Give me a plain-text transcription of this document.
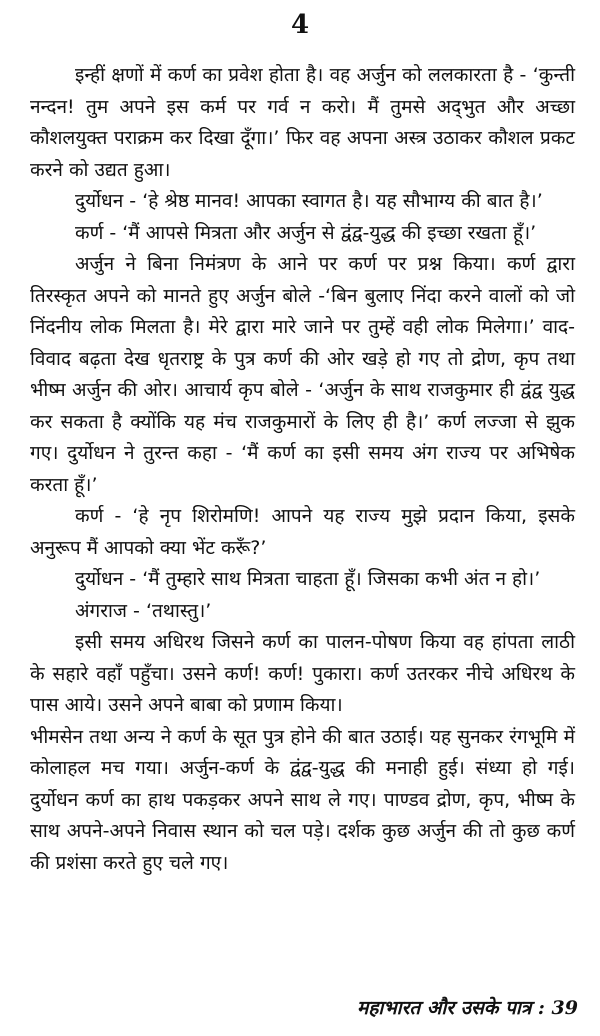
4

इन्हीं क्षणों में कर्ण का प्रवेश होता है। वह अर्जुन को ललकारता है - ‘कुन्ती नन्दन! तुम अपने इस कर्म पर गर्व न करो। मैं तुमसे अद्‌भुत और अच्छा कौशलयुक्त पराक्रम कर दिखा दूँगा।’ फिर वह अपना अस्त्र उठाकर कौशल प्रकट करने को उद्यत हुआ।

दुर्योधन - ‘हे श्रेष्ठ मानव! आपका स्वागत है। यह सौभाग्य की बात है।’

कर्ण - ‘मैं आपसे मित्रता और अर्जुन से द्वंद्व-युद्ध की इच्छा रखता हूँ।’

अर्जुन ने बिना निमंत्रण के आने पर कर्ण पर प्रश्न किया। कर्ण द्वारा तिरस्कृत अपने को मानते हुए अर्जुन बोले -‘बिन बुलाए निंदा करने वालों को जो निंदनीय लोक मिलता है। मेरे द्वारा मारे जाने पर तुम्हें वही लोक मिलेगा।’ वाद-विवाद बढ़ता देख धृतराष्ट्र के पुत्र कर्ण की ओर खड़े हो गए तो द्रोण, कृप तथा भीष्म अर्जुन की ओर। आचार्य कृप बोले - ‘अर्जुन के साथ राजकुमार ही द्वंद्व युद्ध कर सकता है क्योंकि यह मंच राजकुमारों के लिए ही है।’ कर्ण लज्जा से झुक गए। दुर्योधन ने तुरन्त कहा - ‘मैं कर्ण का इसी समय अंग राज्य पर अभिषेक करता हूँ।’

कर्ण - ‘हे नृप शिरोमणि! आपने यह राज्य मुझे प्रदान किया, इसके अनुरूप मैं आपको क्या भेंट करूँ?’

दुर्योधन - ‘मैं तुम्हारे साथ मित्रता चाहता हूँ। जिसका कभी अंत न हो।’

अंगराज - ‘तथास्तु।’

इसी समय अधिरथ जिसने कर्ण का पालन-पोषण किया वह हांपता लाठी के सहारे वहाँ पहुँचा। उसने कर्ण! कर्ण! पुकारा। कर्ण उतरकर नीचे अधिरथ के पास आये। उसने अपने बाबा को प्रणाम किया।

भीमसेन तथा अन्य ने कर्ण के सूत पुत्र होने की बात उठाई। यह सुनकर रंगभूमि में कोलाहल मच गया। अर्जुन-कर्ण के द्वंद्व-युद्ध की मनाही हुई। संध्या हो गई। दुर्योधन कर्ण का हाथ पकड़कर अपने साथ ले गए। पाण्डव द्रोण, कृप, भीष्म के साथ अपने-अपने निवास स्थान को चल पड़े। दर्शक कुछ अर्जुन की तो कुछ कर्ण की प्रशंसा करते हुए चले गए।

महाभारत और उसके पात्र : 39
